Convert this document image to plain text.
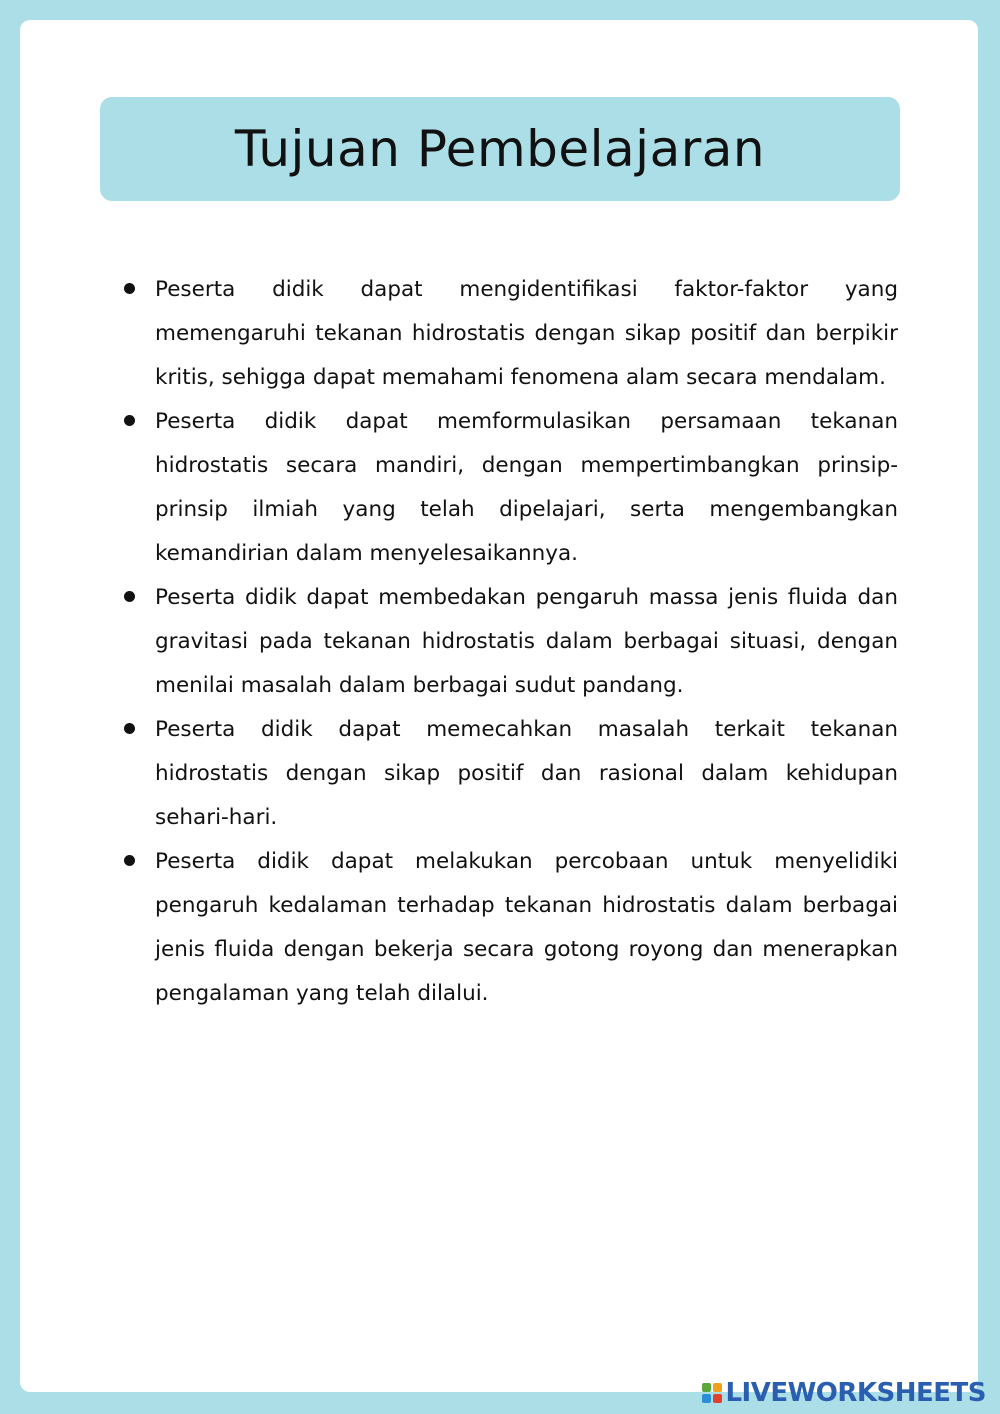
Tujuan Pembelajaran
Peserta didik dapat mengidentifikasi faktor-faktor yang memengaruhi tekanan hidrostatis dengan sikap positif dan berpikir kritis, sehigga dapat memahami fenomena alam secara mendalam.
Peserta didik dapat memformulasikan persamaan tekanan hidrostatis secara mandiri, dengan mempertimbangkan prinsip-prinsip ilmiah yang telah dipelajari, serta mengembangkan kemandirian dalam menyelesaikannya.
Peserta didik dapat membedakan pengaruh massa jenis fluida dan gravitasi pada tekanan hidrostatis dalam berbagai situasi, dengan menilai masalah dalam berbagai sudut pandang.
Peserta didik dapat memecahkan masalah terkait tekanan hidrostatis dengan sikap positif dan rasional dalam kehidupan sehari-hari.
Peserta didik dapat melakukan percobaan untuk menyelidiki pengaruh kedalaman terhadap tekanan hidrostatis dalam berbagai jenis fluida dengan bekerja secara gotong royong dan menerapkan pengalaman yang telah dilalui.
LIVEWORKSHEETS
